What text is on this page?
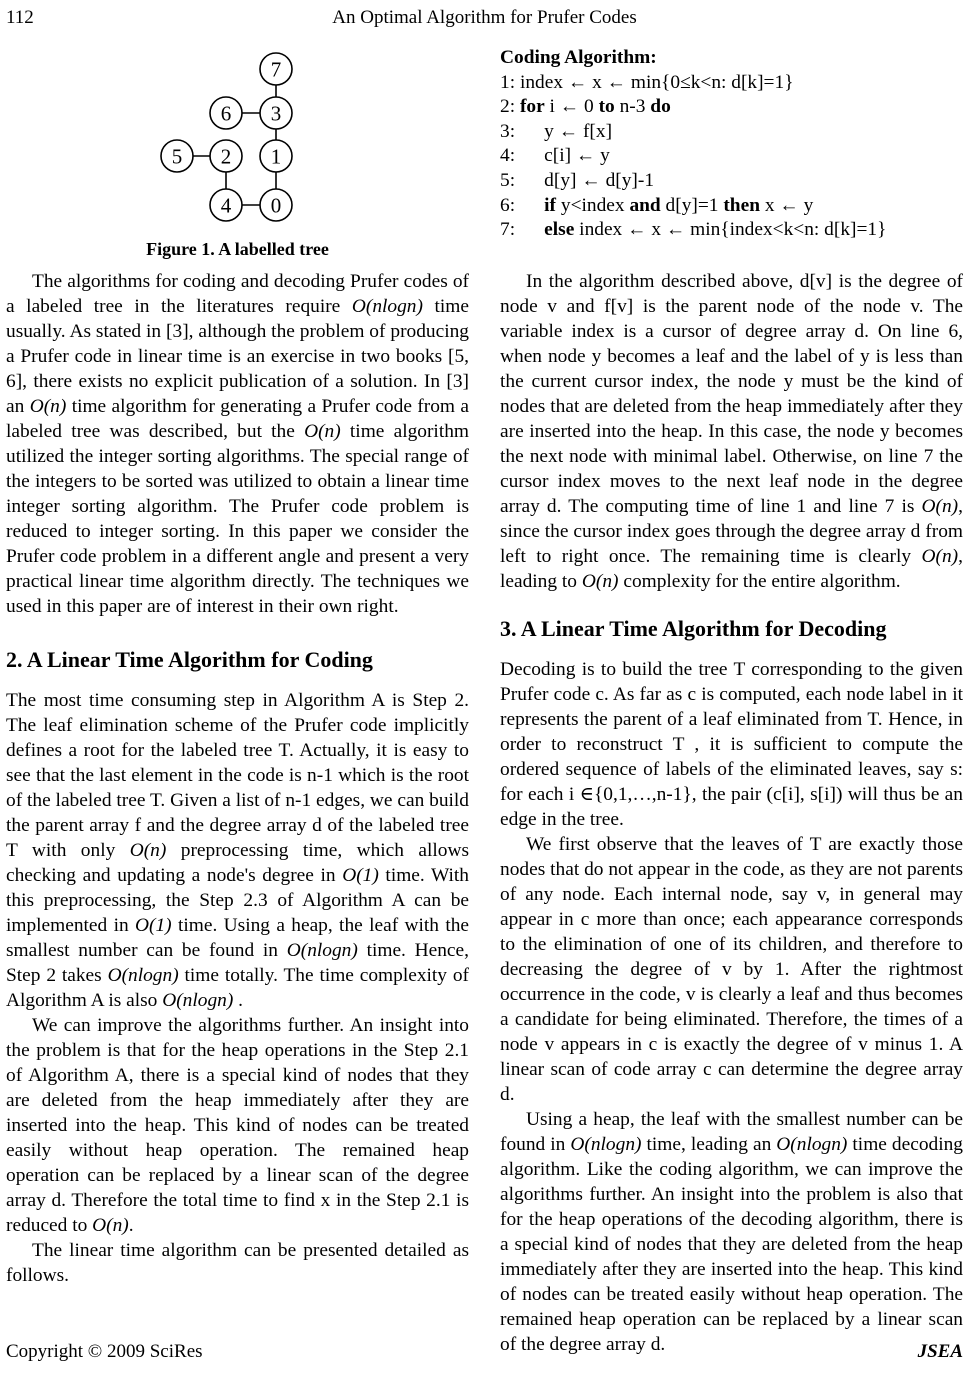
112	An Optimal Algorithm for Prufer Codes
7
6 3
5 2 1
4 0
Figure 1. A labelled tree
Coding Algorithm:
1: index ← x ← min{0≤k<n: d[k]=1}
2: for i ← 0 to n-3 do
3:      y ← f[x]
4:      c[i] ← y
5:      d[y] ← d[y]-1
6:      if y<index and d[y]=1 then x ← y
7:      else index ← x ← min{index<k<n: d[k]=1}

The algorithms for coding and decoding Prufer codes of a labeled tree in the literatures require O(nlogn) time usually. As stated in [3], although the problem of producing a Prufer code in linear time is an exercise in two books [5, 6], there exists no explicit publication of a solution. In [3] an O(n) time algorithm for generating a Prufer code from a labeled tree was described, but the O(n) time algorithm utilized the integer sorting algorithms. The special range of the integers to be sorted was utilized to obtain a linear time integer sorting algorithm. The Prufer code problem is reduced to integer sorting. In this paper we consider the Prufer code problem in a different angle and present a very practical linear time algorithm directly. The techniques we used in this paper are of interest in their own right.

2. A Linear Time Algorithm for Coding

The most time consuming step in Algorithm A is Step 2. The leaf elimination scheme of the Prufer code implicitly defines a root for the labeled tree T. Actually, it is easy to see that the last element in the code is n-1 which is the root of the labeled tree T. Given a list of n-1 edges, we can build the parent array f and the degree array d of the labeled tree T with only O(n) preprocessing time, which allows checking and updating a node's degree in O(1) time. With this preprocessing, the Step 2.3 of Algorithm A can be implemented in O(1) time. Using a heap, the leaf with the smallest number can be found in O(nlogn) time. Hence, Step 2 takes O(nlogn) time totally. The time complexity of Algorithm A is also O(nlogn) .

We can improve the algorithms further. An insight into the problem is that for the heap operations in the Step 2.1 of Algorithm A, there is a special kind of nodes that they are deleted from the heap immediately after they are inserted into the heap. This kind of nodes can be treated easily without heap operation. The remained heap operation can be replaced by a linear scan of the degree array d. Therefore the total time to find x in the Step 2.1 is reduced to O(n).

The linear time algorithm can be presented detailed as follows.

In the algorithm described above, d[v] is the degree of node v and f[v] is the parent node of the node v. The variable index is a cursor of degree array d. On line 6, when node y becomes a leaf and the label of y is less than the current cursor index, the node y must be the kind of nodes that are deleted from the heap immediately after they are inserted into the heap. In this case, the node y becomes the next node with minimal label. Otherwise, on line 7 the cursor index moves to the next leaf node in the degree array d. The computing time of line 1 and line 7 is O(n), since the cursor index goes through the degree array d from left to right once. The remaining time is clearly O(n), leading to O(n) complexity for the entire algorithm.

3. A Linear Time Algorithm for Decoding

Decoding is to build the tree T corresponding to the given Prufer code c. As far as c is computed, each node label in it represents the parent of a leaf eliminated from T. Hence, in order to reconstruct T , it is sufficient to compute the ordered sequence of labels of the eliminated leaves, say s: for each i ∈{0,1,…,n-1}, the pair (c[i], s[i]) will thus be an edge in the tree.

We first observe that the leaves of T are exactly those nodes that do not appear in the code, as they are not parents of any node. Each internal node, say v, in general may appear in c more than once; each appearance corresponds to the elimination of one of its children, and therefore to decreasing the degree of v by 1. After the rightmost occurrence in the code, v is clearly a leaf and thus becomes a candidate for being eliminated. Therefore, the times of a node v appears in c is exactly the degree of v minus 1. A linear scan of code array c can determine the degree array d.

Using a heap, the leaf with the smallest number can be found in O(nlogn) time, leading an O(nlogn) time decoding algorithm. Like the coding algorithm, we can improve the algorithms further. An insight into the problem is also that for the heap operations of the decoding algorithm, there is a special kind of nodes that they are deleted from the heap immediately after they are inserted into the heap. This kind of nodes can be treated easily without heap operation. The remained heap operation can be replaced by a linear scan of the degree array d.

Copyright © 2009 SciRes	JSEA
